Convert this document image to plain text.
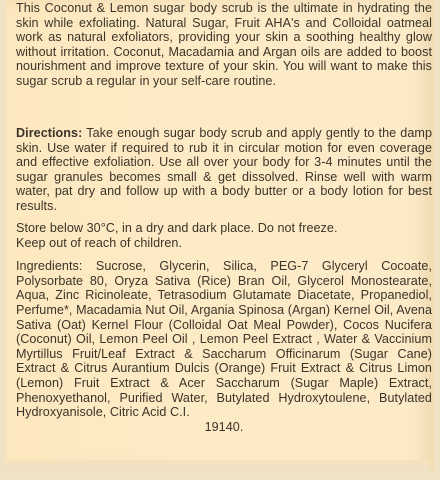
This Coconut & Lemon sugar body scrub is the ultimate in hydrating the skin while exfoliating. Natural Sugar, Fruit AHA's and Colloidal oatmeal work as natural exfoliators, providing your skin a soothing healthy glow without irritation. Coconut, Macadamia and Argan oils are added to boost nourishment and improve texture of your skin. You will want to make this sugar scrub a regular in your self-care routine.

Directions: Take enough sugar body scrub and apply gently to the damp skin. Use water if required to rub it in circular motion for even coverage and effective exfoliation. Use all over your body for 3-4 minutes until the sugar granules becomes small & get dissolved. Rinse well with warm water, pat dry and follow up with a body butter or a body lotion for best results.

Store below 30°C, in a dry and dark place. Do not freeze.
Keep out of reach of children.

Ingredients: Sucrose, Glycerin, Silica, PEG-7 Glyceryl Cocoate, Polysorbate 80, Oryza Sativa (Rice) Bran Oil, Glycerol Monostearate, Aqua, Zinc Ricinoleate, Tetrasodium Glutamate Diacetate, Propanediol, Perfume*, Macadamia Nut Oil, Argania Spinosa (Argan) Kernel Oil, Avena Sativa (Oat) Kernel Flour (Colloidal Oat Meal Powder), Cocos Nucifera (Coconut) Oil, Lemon Peel Oil , Lemon Peel Extract , Water & Vaccinium Myrtillus Fruit/Leaf Extract & Saccharum Officinarum (Sugar Cane) Extract & Citrus Aurantium Dulcis (Orange) Fruit Extract & Citrus Limon (Lemon) Fruit Extract & Acer Saccharum (Sugar Maple) Extract, Phenoxyethanol, Purified Water, Butylated Hydroxytoulene, Butylated Hydroxyanisole, Citric Acid C.I.
19140.
